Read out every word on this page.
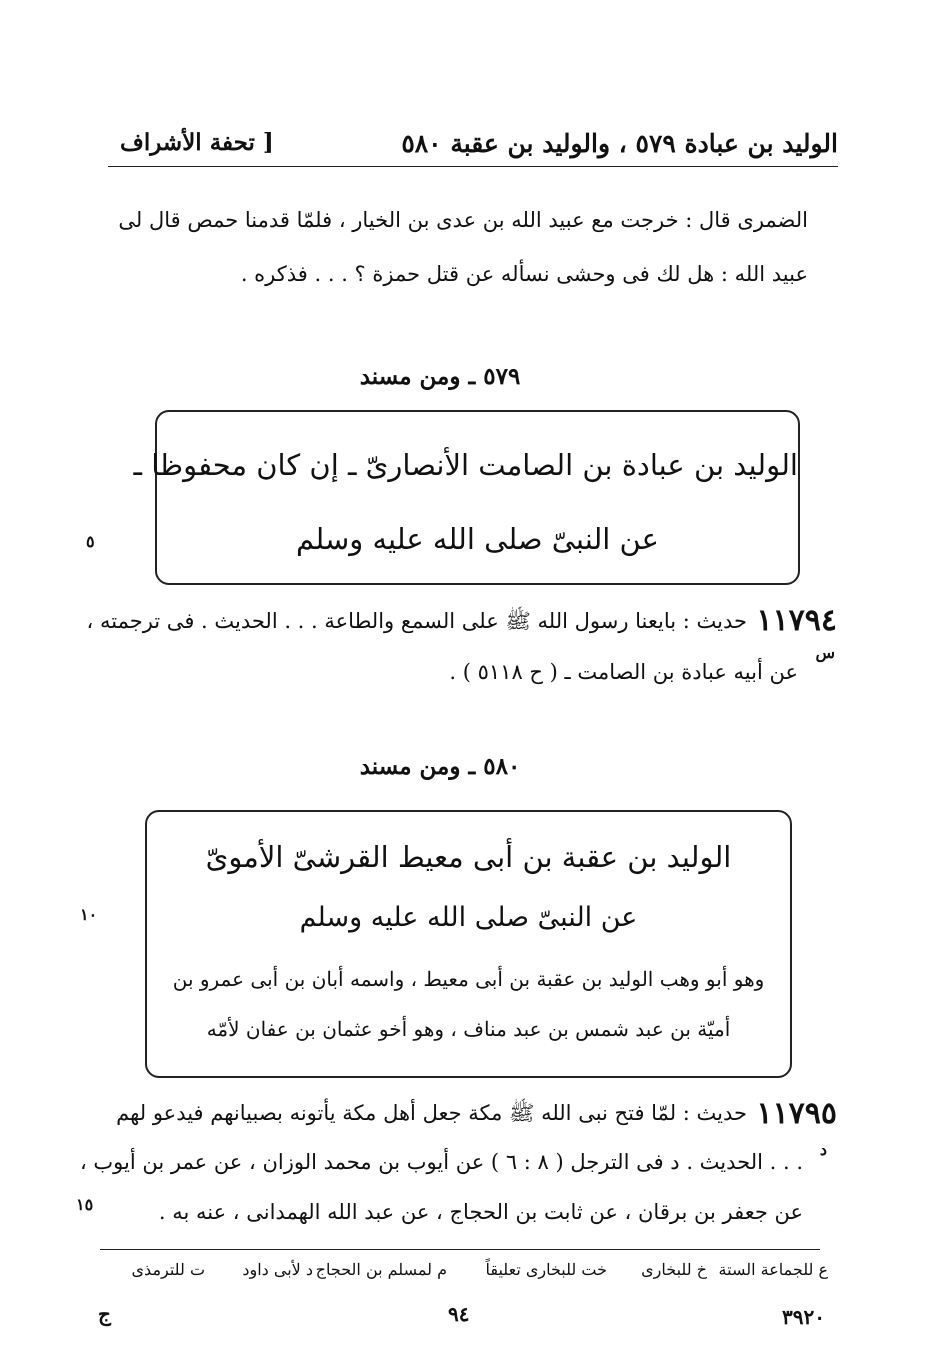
الوليد بن عبادة ٥٧٩ ، والوليد بن عقبة ٥٨٠
[ تحفة الأشراف
الضمرى قال : خرجت مع عبيد الله بن عدى بن الخيار ، فلمّا قدمنا حمص قال لى
عبيد الله : هل لك فى وحشى نسأله عن قتل حمزة ؟ . . . فذكره .
٥٧٩ ـ ومن مسند
الوليد بن عبادة بن الصامت الأنصارىّ ـ إن كان محفوظا ـ
عن النبىّ صلى الله عليه وسلم
٥
١١٧٩٤
حديث : بايعنا رسول الله ﷺ على السمع والطاعة . . . الحديث . فى ترجمته ،
س
عن أبيه عبادة بن الصامت ـ ( ح ٥١١٨ ) .
٥٨٠ ـ ومن مسند
الوليد بن عقبة بن أبى معيط القرشىّ الأموىّ
عن النبىّ صلى الله عليه وسلم
وهو أبو وهب الوليد بن عقبة بن أبى معيط ، واسمه أبان بن أبى عمرو بن
أميّة بن عبد شمس بن عبد مناف ، وهو أخو عثمان بن عفان لأمّه
١٠
١١٧٩٥
حديث : لمّا فتح نبى الله ﷺ مكة جعل أهل مكة يأتونه بصبيانهم فيدعو لهم
د
. . . الحديث . د فى الترجل ( ٨ : ٦ ) عن أيوب بن محمد الوزان ، عن عمر بن أيوب ،
عن جعفر بن برقان ، عن ثابت بن الحجاج ، عن عبد الله الهمدانى ، عنه به .
١٥
ع للجماعة الستة
خ للبخارى
خت للبخارى تعليقاً
م لمسلم بن الحجاج
د لأبى داود
ت للترمذى
ج	٩٤	٣٩٢٠
